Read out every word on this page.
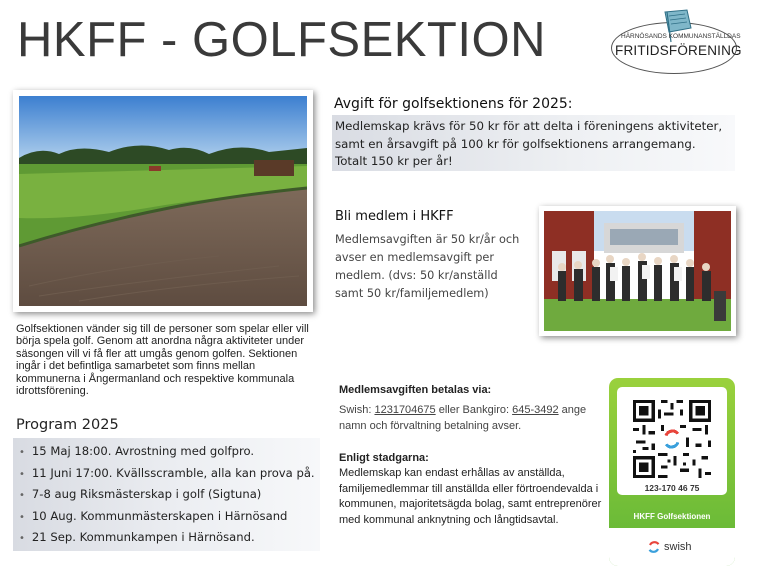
HKFF - GOLFSEKTION	HÄRNÖSANDS KOMMUNANSTÄLLDAS
FRITIDSFÖRENING
Golfsektionen vänder sig till de personer som spelar eller vill börja spela golf. Genom att anordna några aktiviteter under säsongen vill vi få fler att umgås genom golfen. Sektionen ingår i det befintliga samarbetet som finns mellan kommunerna i Ångermanland och respektive kommunala idrottsförening.
Program 2025
• 15 Maj 18:00. Avrostning med golfpro.
• 11 Juni 17:00. Kvällsscramble, alla kan prova på.
• 7-8 aug Riksmästerskap i golf (Sigtuna)
• 10 Aug. Kommunmästerskapen i Härnösand
• 21 Sep. Kommunkampen i Härnösand.
Avgift för golfsektionens för 2025:
Medlemskap krävs för 50 kr för att delta i föreningens aktiviteter,
samt en årsavgift på 100 kr för golfsektionens arrangemang.
Totalt 150 kr per år!
Bli medlem i HKFF
Medlemsavgiften är 50 kr/år och
avser en medlemsavgift per
medlem. (dvs: 50 kr/anställd
samt 50 kr/familjemedlem)
Medlemsavgiften betalas via:
Swish: 1231704675 eller Bankgiro: 645-3492 ange namn och förvaltning betalning avser.
Enligt stadgarna:
Medlemskap kan endast erhållas av anställda, familjemedlemmar till anställda eller förtroendevalda i kommunen, majoritetsägda bolag, samt entreprenörer med kommunal anknytning och långtidsavtal.
123-170 46 75
HKFF Golfsektionen
swish
